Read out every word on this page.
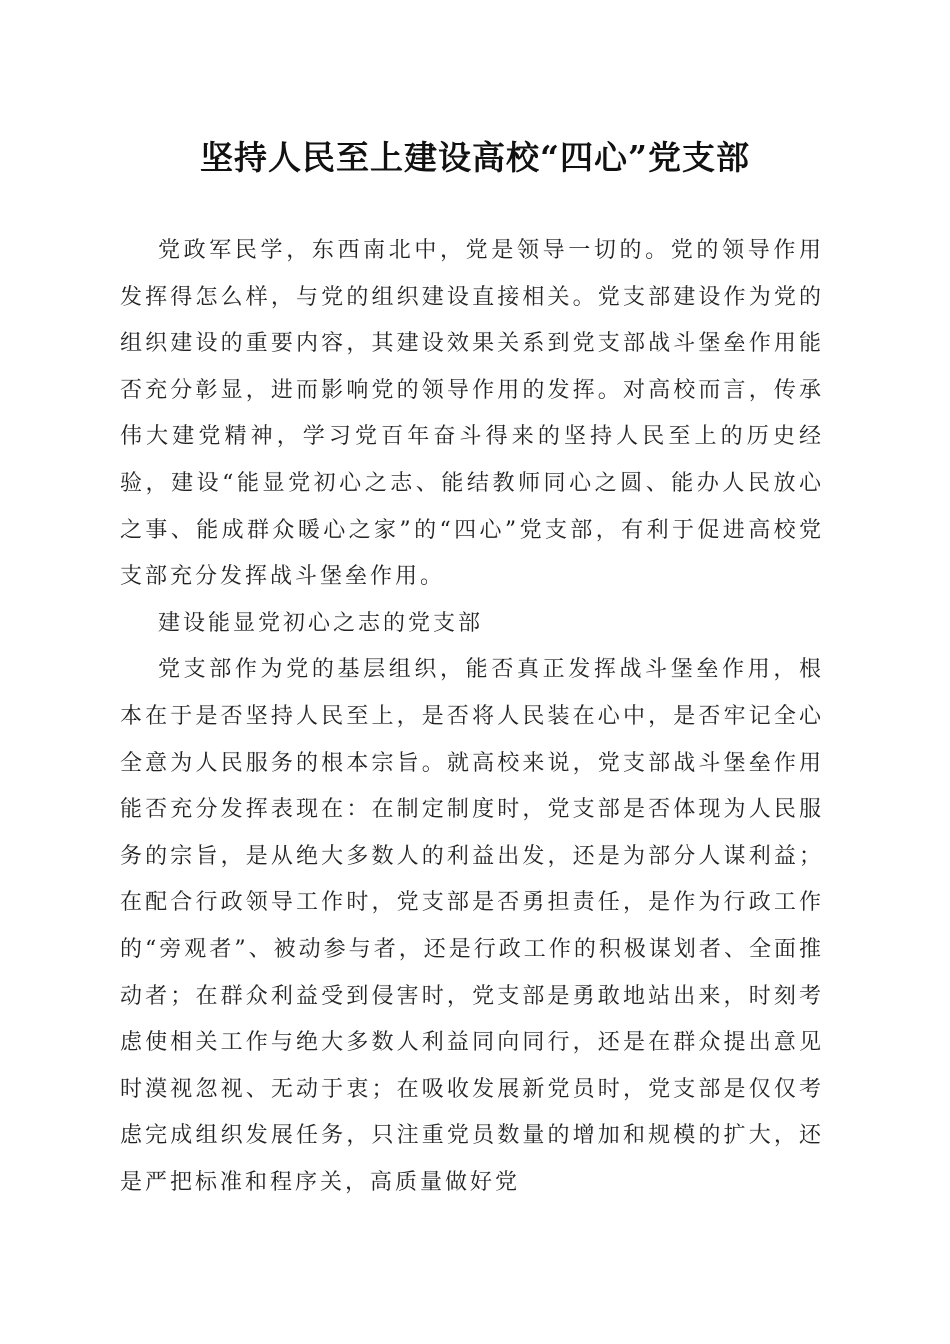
坚持人民至上建设高校“四心”党支部

党政军民学，东西南北中，党是领导一切的。党的领导作用发挥得怎么样，与党的组织建设直接相关。党支部建设作为党的组织建设的重要内容，其建设效果关系到党支部战斗堡垒作用能否充分彰显，进而影响党的领导作用的发挥。对高校而言，传承伟大建党精神，学习党百年奋斗得来的坚持人民至上的历史经验，建设“能显党初心之志、能结教师同心之圆、能办人民放心之事、能成群众暖心之家”的“四心”党支部，有利于促进高校党支部充分发挥战斗堡垒作用。

建设能显党初心之志的党支部

党支部作为党的基层组织，能否真正发挥战斗堡垒作用，根本在于是否坚持人民至上，是否将人民装在心中，是否牢记全心全意为人民服务的根本宗旨。就高校来说，党支部战斗堡垒作用能否充分发挥表现在：在制定制度时，党支部是否体现为人民服务的宗旨，是从绝大多数人的利益出发，还是为部分人谋利益；在配合行政领导工作时，党支部是否勇担责任，是作为行政工作的“旁观者”、被动参与者，还是行政工作的积极谋划者、全面推动者；在群众利益受到侵害时，党支部是勇敢地站出来，时刻考虑使相关工作与绝大多数人利益同向同行，还是在群众提出意见时漠视忽视、无动于衷；在吸收发展新党员时，党支部是仅仅考虑完成组织发展任务，只注重党员数量的增加和规模的扩大，还是严把标准和程序关，高质量做好党
